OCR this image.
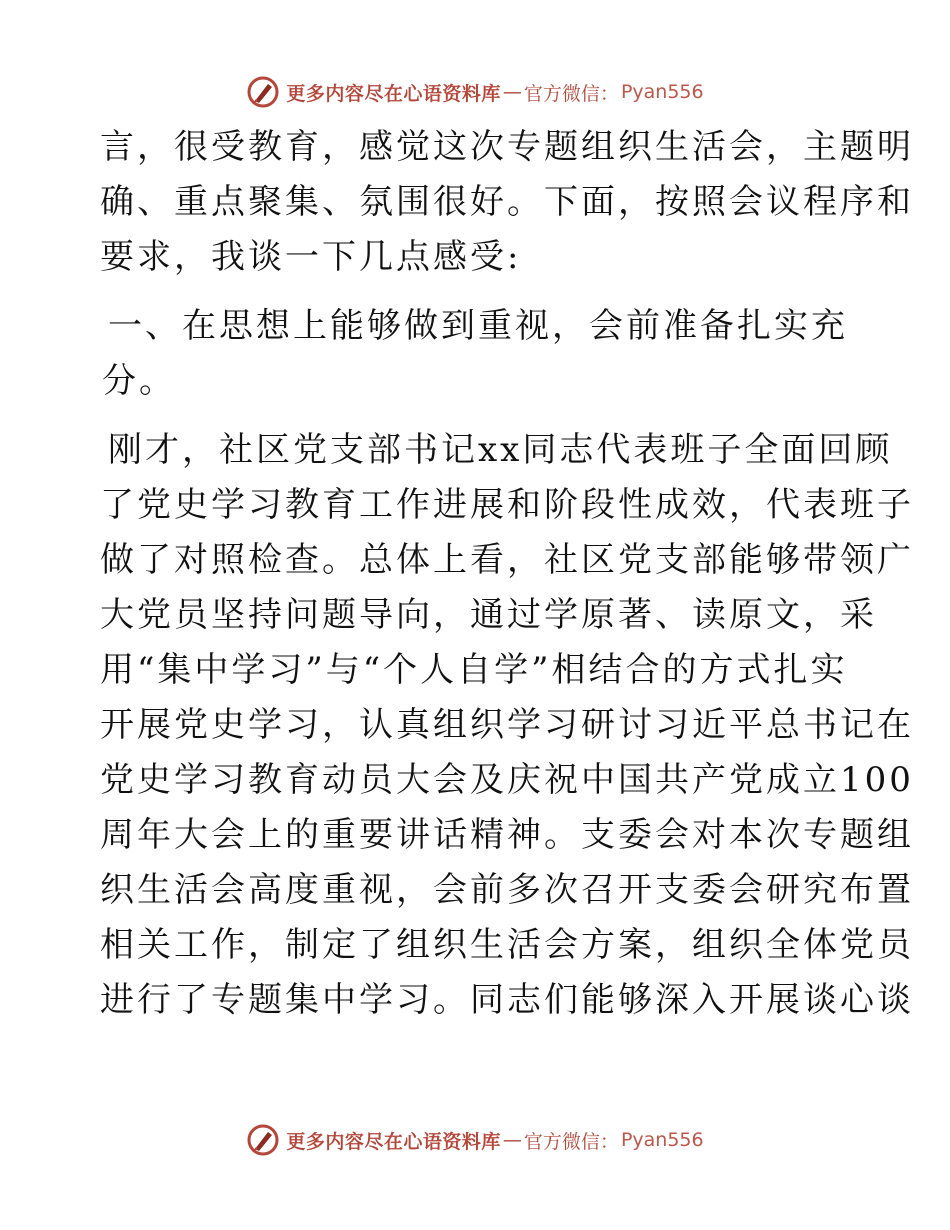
更多内容尽在心语资料库 — 官方微信： Pyan556

言，很受教育，感觉这次专题组织生活会，主题明
确、重点聚集、氛围很好。下面，按照会议程序和
要求，我谈一下几点感受:

一、在思想上能够做到重视，会前准备扎实充
分。

刚才，社区党支部书记xx同志代表班子全面回顾
了党史学习教育工作进展和阶段性成效，代表班子
做了对照检查。总体上看，社区党支部能够带领广
大党员坚持问题导向，通过学原著、读原文，采
用“集中学习”与“个人自学”相结合的方式扎实
开展党史学习，认真组织学习研讨习近平总书记在
党史学习教育动员大会及庆祝中国共产党成立100
周年大会上的重要讲话精神。支委会对本次专题组
织生活会高度重视，会前多次召开支委会研究布置
相关工作，制定了组织生活会方案，组织全体党员
进行了专题集中学习。同志们能够深入开展谈心谈

更多内容尽在心语资料库 — 官方微信： Pyan556
